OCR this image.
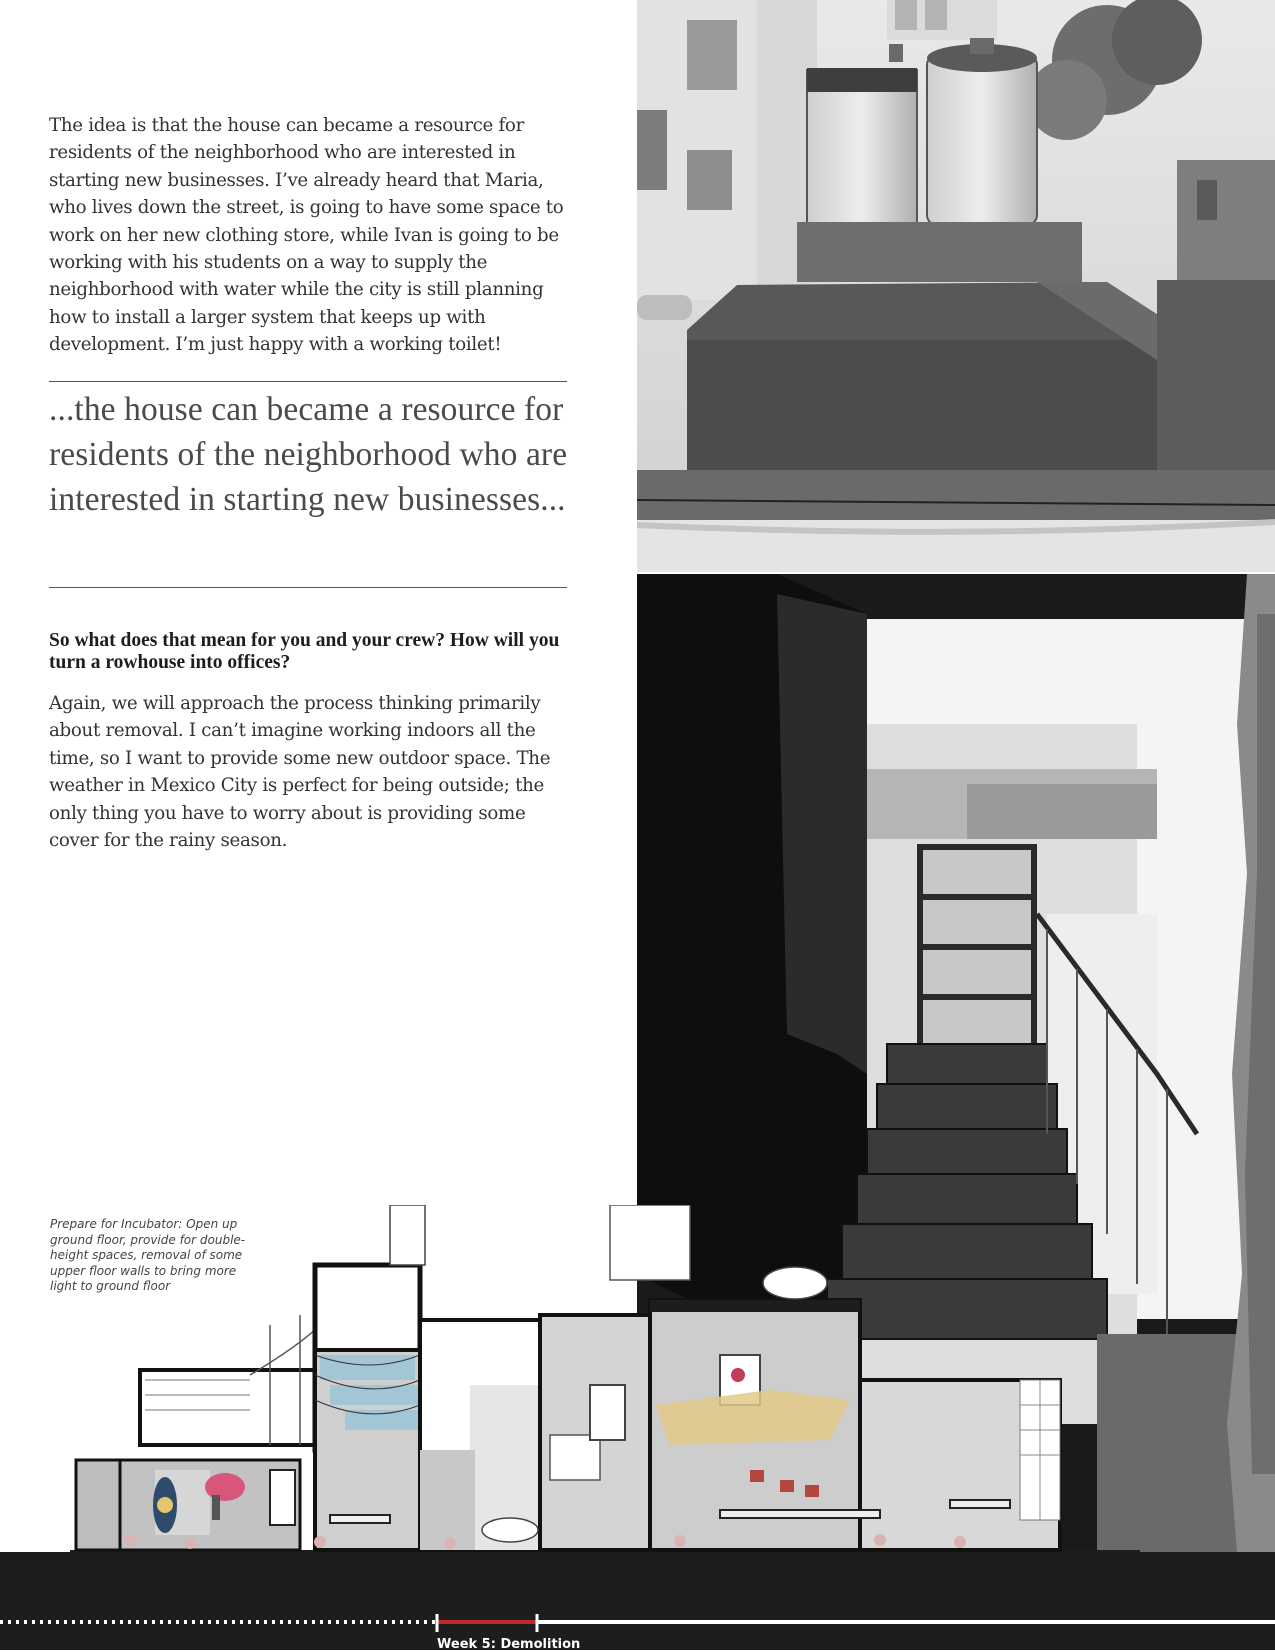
The idea is that the house can became a resource for residents of the neighborhood who are interested in starting new businesses. I’ve already heard that Maria, who lives down the street, is going to have some space to work on her new clothing store, while Ivan is going to be working with his students on a way to supply the neighborhood with water while the city is still planning how to install a larger system that keeps up with development. I’m just happy with a working toilet!

...the house can became a resource for residents of the neighborhood who are interested in starting new businesses...

So what does that mean for you and your crew? How will you turn a rowhouse into offices?

Again, we will approach the process thinking primarily about removal. I can’t imagine working indoors all the time, so I want to provide some new outdoor space. The weather in Mexico City is perfect for being outside; the only thing you have to worry about is providing some cover for the rainy season.

Prepare for Incubator: Open up ground floor, provide for double-height spaces, removal of some upper floor walls to bring more light to ground floor

Week 5: Demolition
